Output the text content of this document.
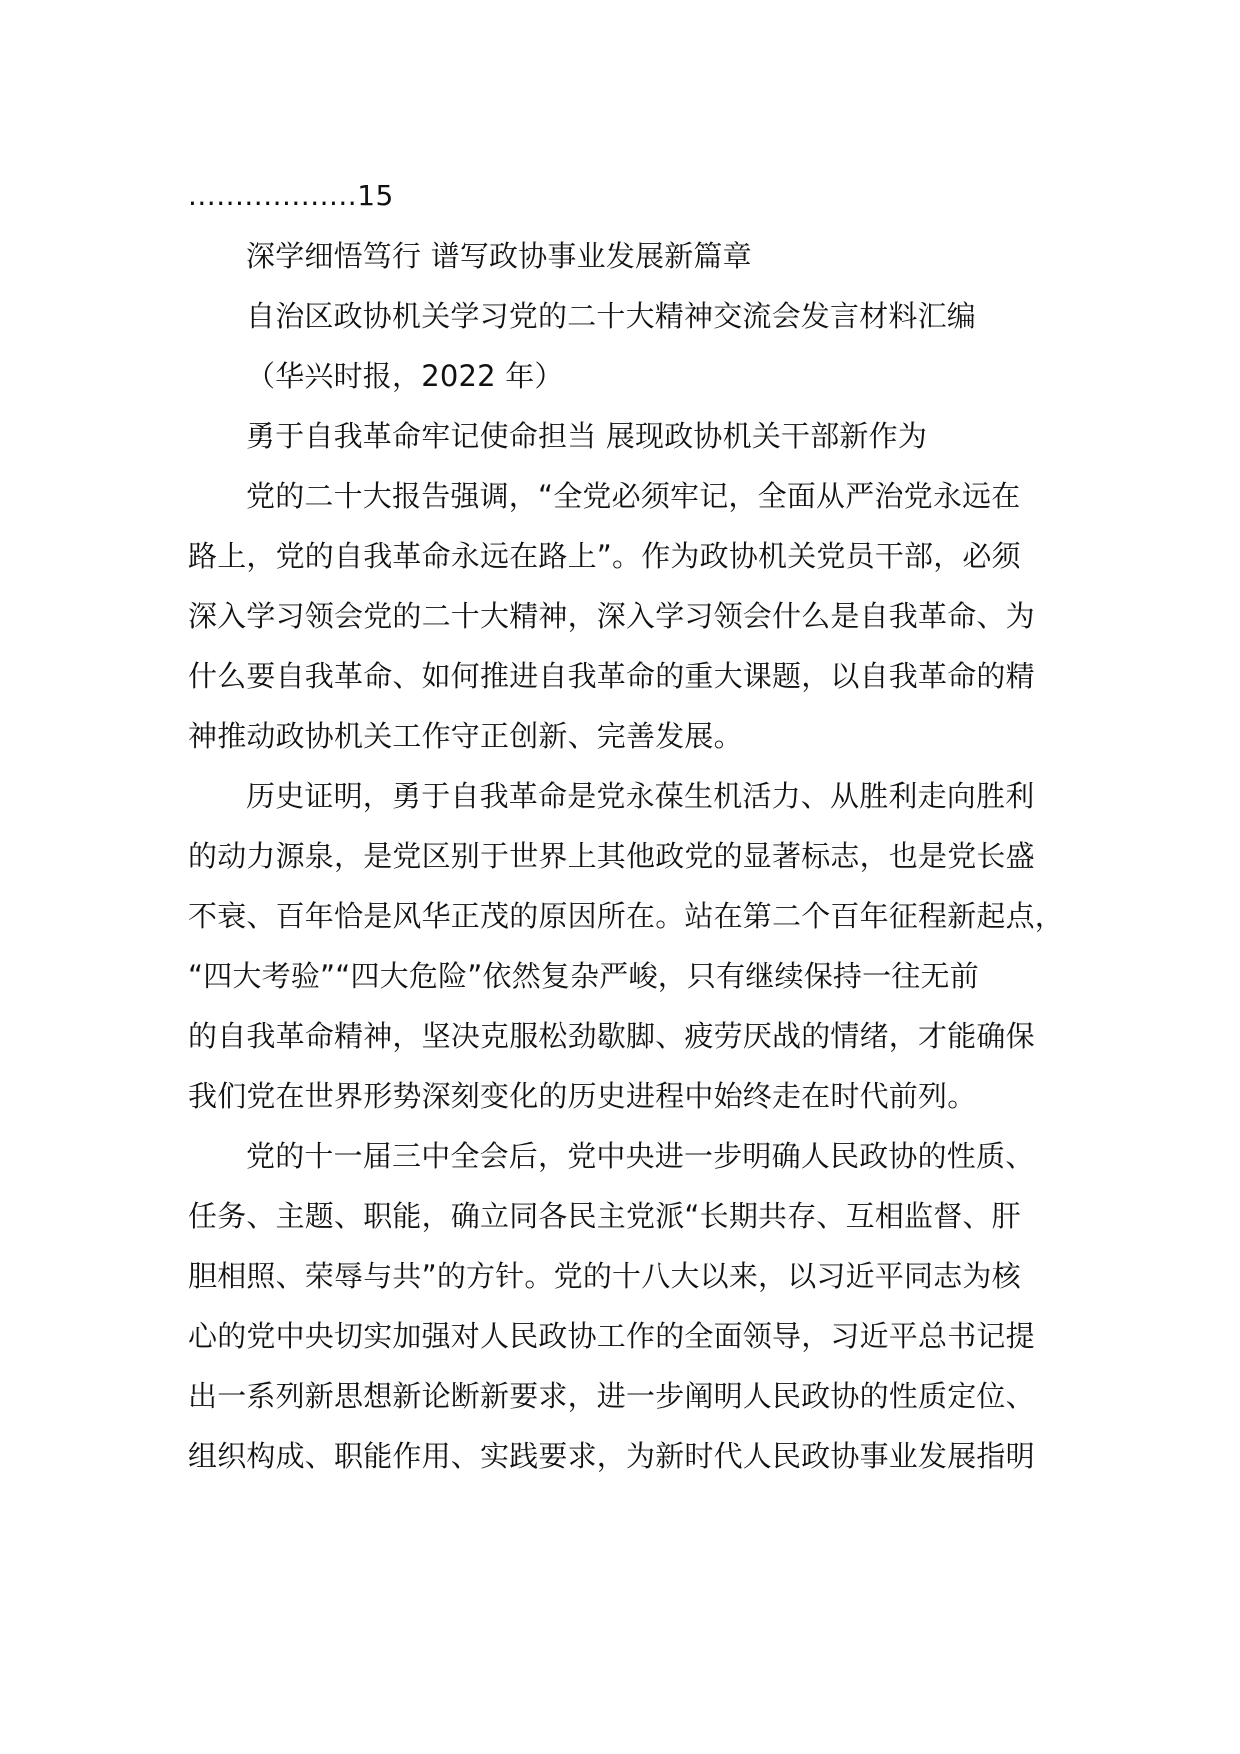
..................15
深学细悟笃行 谱写政协事业发展新篇章
自治区政协机关学习党的二十大精神交流会发言材料汇编
（华兴时报，2022 年）
勇于自我革命牢记使命担当 展现政协机关干部新作为
党的二十大报告强调，“全党必须牢记，全面从严治党永远在
路上，党的自我革命永远在路上”。作为政协机关党员干部，必须
深入学习领会党的二十大精神，深入学习领会什么是自我革命、为
什么要自我革命、如何推进自我革命的重大课题，以自我革命的精
神推动政协机关工作守正创新、完善发展。
历史证明，勇于自我革命是党永葆生机活力、从胜利走向胜利
的动力源泉，是党区别于世界上其他政党的显著标志，也是党长盛
不衰、百年恰是风华正茂的原因所在。站在第二个百年征程新起点，
“四大考验”“四大危险”依然复杂严峻，只有继续保持一往无前
的自我革命精神，坚决克服松劲歇脚、疲劳厌战的情绪，才能确保
我们党在世界形势深刻变化的历史进程中始终走在时代前列。
党的十一届三中全会后，党中央进一步明确人民政协的性质、
任务、主题、职能，确立同各民主党派“长期共存、互相监督、肝
胆相照、荣辱与共”的方针。党的十八大以来，以习近平同志为核
心的党中央切实加强对人民政协工作的全面领导，习近平总书记提
出一系列新思想新论断新要求，进一步阐明人民政协的性质定位、
组织构成、职能作用、实践要求，为新时代人民政协事业发展指明
